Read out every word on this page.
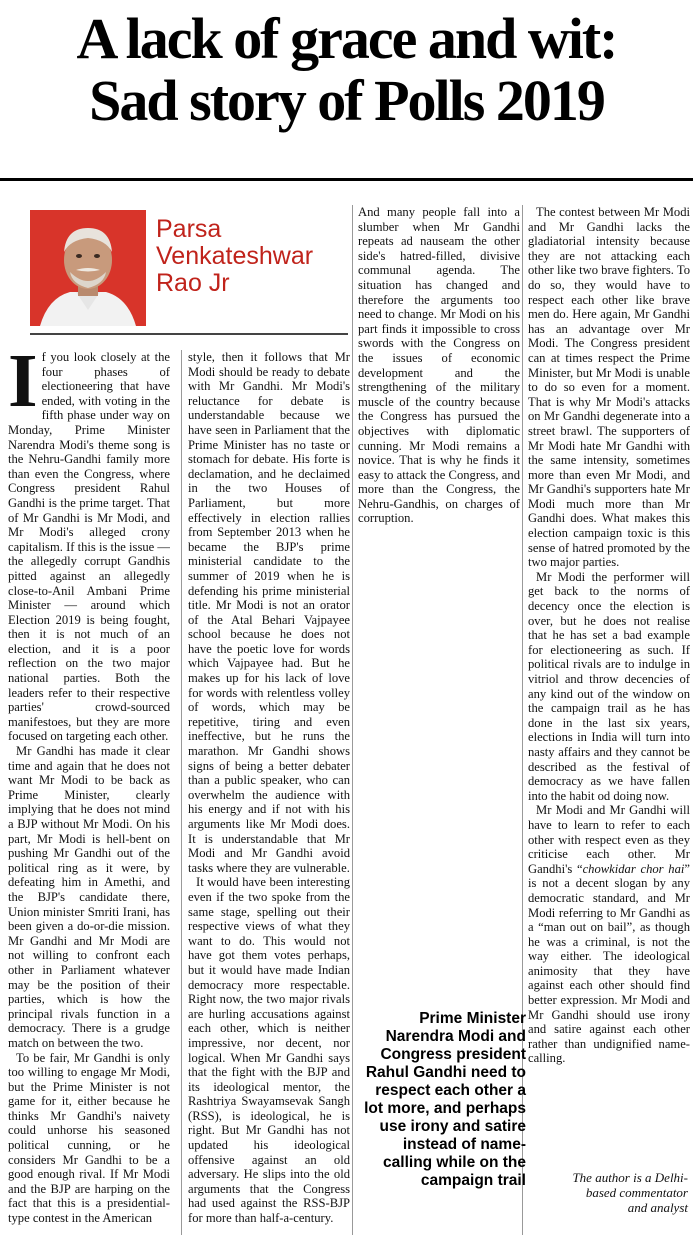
A lack of grace and wit:
Sad story of Polls 2019
Parsa
Venkateshwar
Rao Jr

If you look closely at the four phases of electioneering that have ended, with voting in the fifth phase under way on Monday, Prime Minister Narendra Modi's theme song is the Nehru-Gandhi family more than even the Congress, where Congress president Rahul Gandhi is the prime target. That of Mr Gandhi is Mr Modi, and Mr Modi's alleged crony capitalism. If this is the issue — the allegedly corrupt Gandhis pitted against an allegedly close-to-Anil Ambani Prime Minister — around which Election 2019 is being fought, then it is not much of an election, and it is a poor reflection on the two major national parties. Both the leaders refer to their respective parties' crowd-sourced manifestoes, but they are more focused on targeting each other.

Mr Gandhi has made it clear time and again that he does not want Mr Modi to be back as Prime Minister, clearly implying that he does not mind a BJP without Mr Modi. On his part, Mr Modi is hell-bent on pushing Mr Gandhi out of the political ring as it were, by defeating him in Amethi, and the BJP's candidate there, Union minister Smriti Irani, has been given a do-or-die mission. Mr Gandhi and Mr Modi are not willing to confront each other in Parliament whatever may be the position of their parties, which is how the principal rivals function in a democracy. There is a grudge match on between the two.

To be fair, Mr Gandhi is only too willing to engage Mr Modi, but the Prime Minister is not game for it, either because he thinks Mr Gandhi's naivety could unhorse his seasoned political cunning, or he considers Mr Gandhi to be a good enough rival. If Mr Modi and the BJP are harping on the fact that this is a presidential-type contest in the American

style, then it follows that Mr Modi should be ready to debate with Mr Gandhi. Mr Modi's reluctance for debate is understandable because we have seen in Parliament that the Prime Minister has no taste or stomach for debate. His forte is declamation, and he declaimed in the two Houses of Parliament, but more effectively in election rallies from September 2013 when he became the BJP's prime ministerial candidate to the summer of 2019 when he is defending his prime ministerial title. Mr Modi is not an orator of the Atal Behari Vajpayee school because he does not have the poetic love for words which Vajpayee had. But he makes up for his lack of love for words with relentless volley of words, which may be repetitive, tiring and even ineffective, but he runs the marathon. Mr Gandhi shows signs of being a better debater than a public speaker, who can overwhelm the audience with his energy and if not with his arguments like Mr Modi does. It is understandable that Mr Modi and Mr Gandhi avoid tasks where they are vulnerable.

It would have been interesting even if the two spoke from the same stage, spelling out their respective views of what they want to do. This would not have got them votes perhaps, but it would have made Indian democracy more respectable. Right now, the two major rivals are hurling accusations against each other, which is neither impressive, nor decent, nor logical. When Mr Gandhi says that the fight with the BJP and its ideological mentor, the Rashtriya Swayamsevak Sangh (RSS), is ideological, he is right. But Mr Gandhi has not updated his ideological offensive against an old adversary. He slips into the old arguments that the Congress had used against the RSS-BJP for more than half-a-century.

And many people fall into a slumber when Mr Gandhi repeats ad nauseam the other side's hatred-filled, divisive communal agenda. The situation has changed and therefore the arguments too need to change. Mr Modi on his part finds it impossible to cross swords with the Congress on the issues of economic development and the strengthening of the military muscle of the country because the Congress has pursued the objectives with diplomatic cunning. Mr Modi remains a novice. That is why he finds it easy to attack the Congress, and more than the Congress, the Nehru-Gandhis, on charges of corruption.

The contest between Mr Modi and Mr Gandhi lacks the gladiatorial intensity because they are not attacking each other like two brave fighters. To do so, they would have to respect each other like brave men do. Here again, Mr Gandhi has an advantage over Mr Modi. The Congress president can at times respect the Prime Minister, but Mr Modi is unable to do so even for a moment. That is why Mr Modi's attacks on Mr Gandhi degenerate into a street brawl. The supporters of Mr Modi hate Mr Gandhi with the same intensity, sometimes more than even Mr Modi, and Mr Gandhi's supporters hate Mr Modi much more than Mr Gandhi does. What makes this election campaign toxic is this sense of hatred promoted by the two major parties.

Mr Modi the performer will get back to the norms of decency once the election is over, but he does not realise that he has set a bad example for electioneering as such. If political rivals are to indulge in vitriol and throw decencies of any kind out of the window on the campaign trail as he has done in the last six years, elections in India will turn into nasty affairs and they cannot be described as the festival of democracy as we have fallen into the habit od doing now.

Mr Modi and Mr Gandhi will have to learn to refer to each other with respect even as they criticise each other. Mr Gandhi's “chowkidar chor hai” is not a decent slogan by any democratic standard, and Mr Modi referring to Mr Gandhi as a “man out on bail”, as though he was a criminal, is not the way either. The ideological animosity that they have against each other should find better expression. Mr Modi and Mr Gandhi should use irony and satire against each other rather than undignified name-calling.

Prime Minister Narendra Modi and Congress president Rahul Gandhi need to respect each other a lot more, and perhaps use irony and satire instead of name-calling while on the campaign trail	The author is a Delhi-
based commentator
and analyst
